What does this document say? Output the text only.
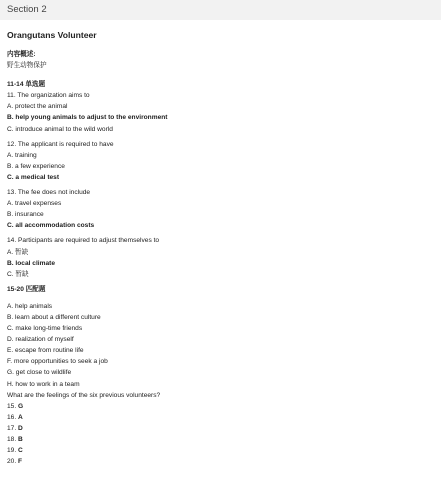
Section 2
Orangutans Volunteer
内容概述:
野生动物保护
11-14 单选题
11. The organization aims to
A. protect the animal
B. help young animals to adjust to the environment
C. introduce animal to the wild world
12. The applicant is required to have
A. training
B. a few experience
C. a medical test
13. The fee does not include
A. travel expenses
B. insurance
C. all accommodation costs
14. Participants are required to adjust themselves to
A. 暂缺
B. local climate
C. 暂缺
15-20 匹配题
A. help animals
B. learn about a different culture
C. make long-time friends
D. realization of myself
E. escape from routine life
F. more opportunities to seek a job
G. get close to wildlife
H. how to work in a team
What are the feelings of the six previous volunteers?
15. G
16. A
17. D
18. B
19. C
20. F
